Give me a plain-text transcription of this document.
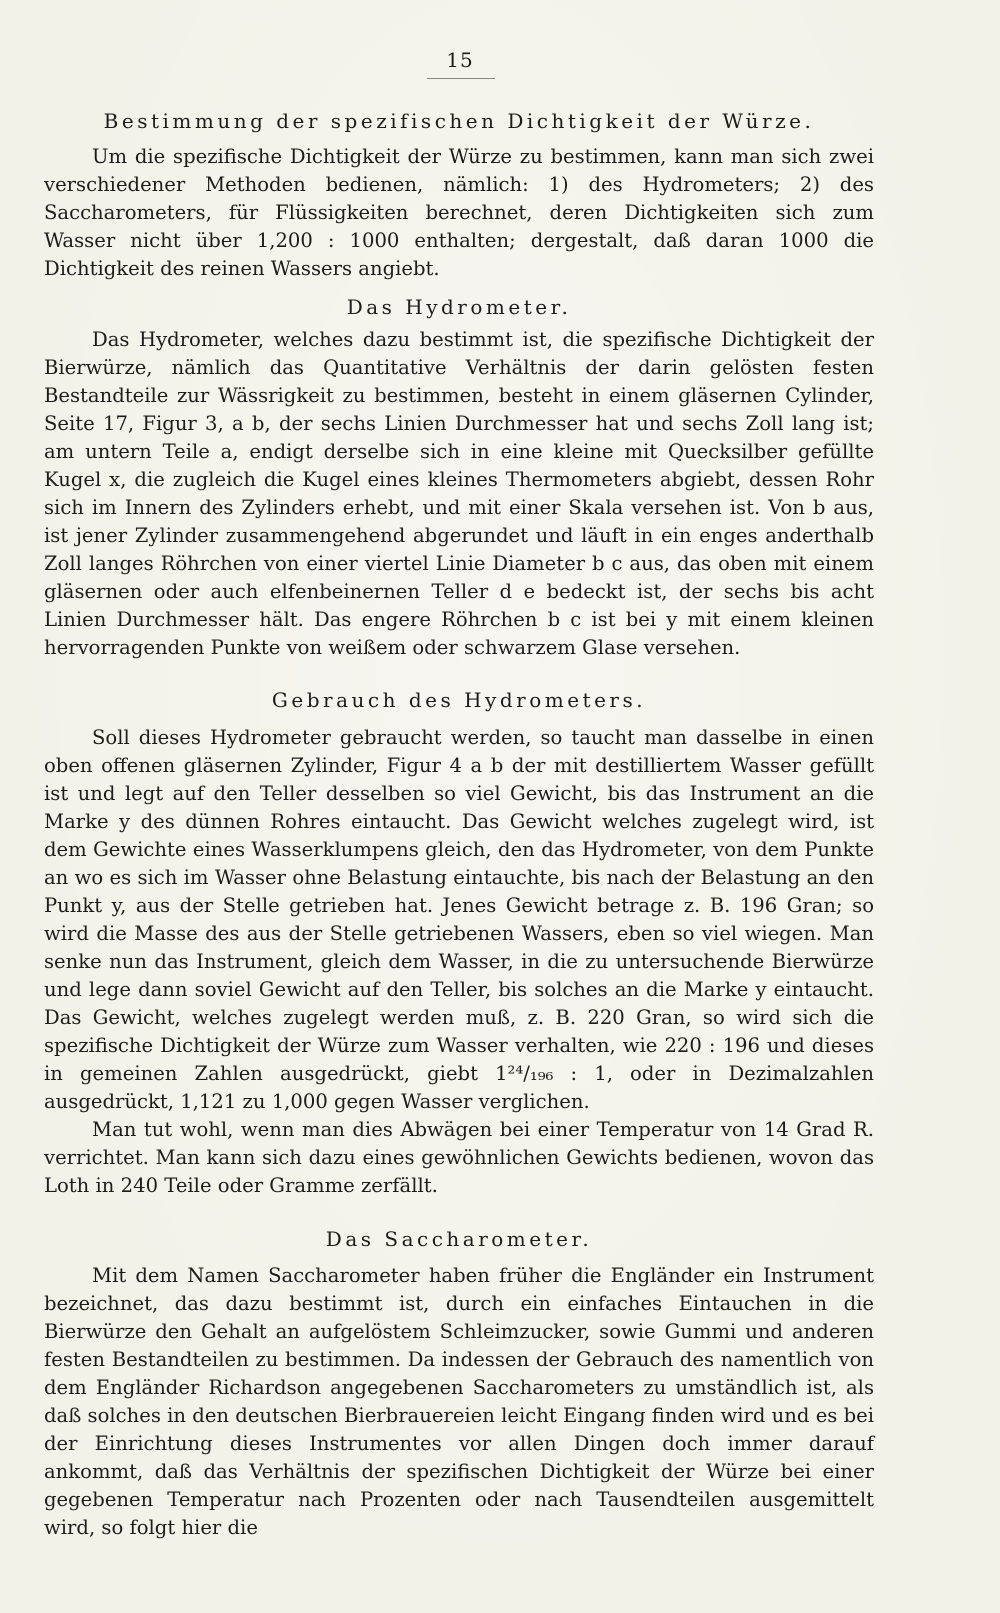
15
Bestimmung der spezifischen Dichtigkeit der Würze.

Um die spezifische Dichtigkeit der Würze zu bestimmen, kann man sich zwei verschiedener Methoden bedienen, nämlich: 1) des Hydrometers; 2) des Saccharometers, für Flüssigkeiten berechnet, deren Dichtigkeiten sich zum Wasser nicht über 1,200 : 1000 enthalten; dergestalt, daß daran 1000 die Dichtigkeit des reinen Wassers angiebt.

Das Hydrometer.

Das Hydrometer, welches dazu bestimmt ist, die spezifische Dichtigkeit der Bierwürze, nämlich das Quantitative Verhältnis der darin gelösten festen Bestandteile zur Wässrigkeit zu bestimmen, besteht in einem gläsernen Cylinder, Seite 17, Figur 3, a b, der sechs Linien Durchmesser hat und sechs Zoll lang ist; am untern Teile a, endigt derselbe sich in eine kleine mit Quecksilber gefüllte Kugel x, die zugleich die Kugel eines kleines Thermometers abgiebt, dessen Rohr sich im Innern des Zylinders erhebt, und mit einer Skala versehen ist. Von b aus, ist jener Zylinder zusammengehend abgerundet und läuft in ein enges anderthalb Zoll langes Röhrchen von einer viertel Linie Diameter b c aus, das oben mit einem gläsernen oder auch elfenbeinernen Teller d e bedeckt ist, der sechs bis acht Linien Durchmesser hält. Das engere Röhrchen b c ist bei y mit einem kleinen hervorragenden Punkte von weißem oder schwarzem Glase versehen.

Gebrauch des Hydrometers.

Soll dieses Hydrometer gebraucht werden, so taucht man dasselbe in einen oben offenen gläsernen Zylinder, Figur 4 a b der mit destilliertem Wasser gefüllt ist und legt auf den Teller desselben so viel Gewicht, bis das Instrument an die Marke y des dünnen Rohres eintaucht. Das Gewicht welches zugelegt wird, ist dem Gewichte eines Wasserklumpens gleich, den das Hydrometer, von dem Punkte an wo es sich im Wasser ohne Belastung eintauchte, bis nach der Belastung an den Punkt y, aus der Stelle getrieben hat. Jenes Gewicht betrage z. B. 196 Gran; so wird die Masse des aus der Stelle getriebenen Wassers, eben so viel wiegen. Man senke nun das Instrument, gleich dem Wasser, in die zu untersuchende Bierwürze und lege dann soviel Gewicht auf den Teller, bis solches an die Marke y eintaucht. Das Gewicht, welches zugelegt werden muß, z. B. 220 Gran, so wird sich die spezifische Dichtigkeit der Würze zum Wasser verhalten, wie 220 : 196 und dieses in gemeinen Zahlen ausgedrückt, giebt 1²⁴/₁₉₆ : 1, oder in Dezimalzahlen ausgedrückt, 1,121 zu 1,000 gegen Wasser verglichen.

Man tut wohl, wenn man dies Abwägen bei einer Temperatur von 14 Grad R. verrichtet. Man kann sich dazu eines gewöhnlichen Gewichts bedienen, wovon das Loth in 240 Teile oder Gramme zerfällt.

Das Saccharometer.

Mit dem Namen Saccharometer haben früher die Engländer ein Instrument bezeichnet, das dazu bestimmt ist, durch ein einfaches Eintauchen in die Bierwürze den Gehalt an aufgelöstem Schleimzucker, sowie Gummi und anderen festen Bestandteilen zu bestimmen. Da indessen der Gebrauch des namentlich von dem Engländer Richardson angegebenen Saccharometers zu umständlich ist, als daß solches in den deutschen Bierbrauereien leicht Eingang finden wird und es bei der Einrichtung dieses Instrumentes vor allen Dingen doch immer darauf ankommt, daß das Verhältnis der spezifischen Dichtigkeit der Würze bei einer gegebenen Temperatur nach Prozenten oder nach Tausendteilen ausgemittelt wird, so folgt hier die
